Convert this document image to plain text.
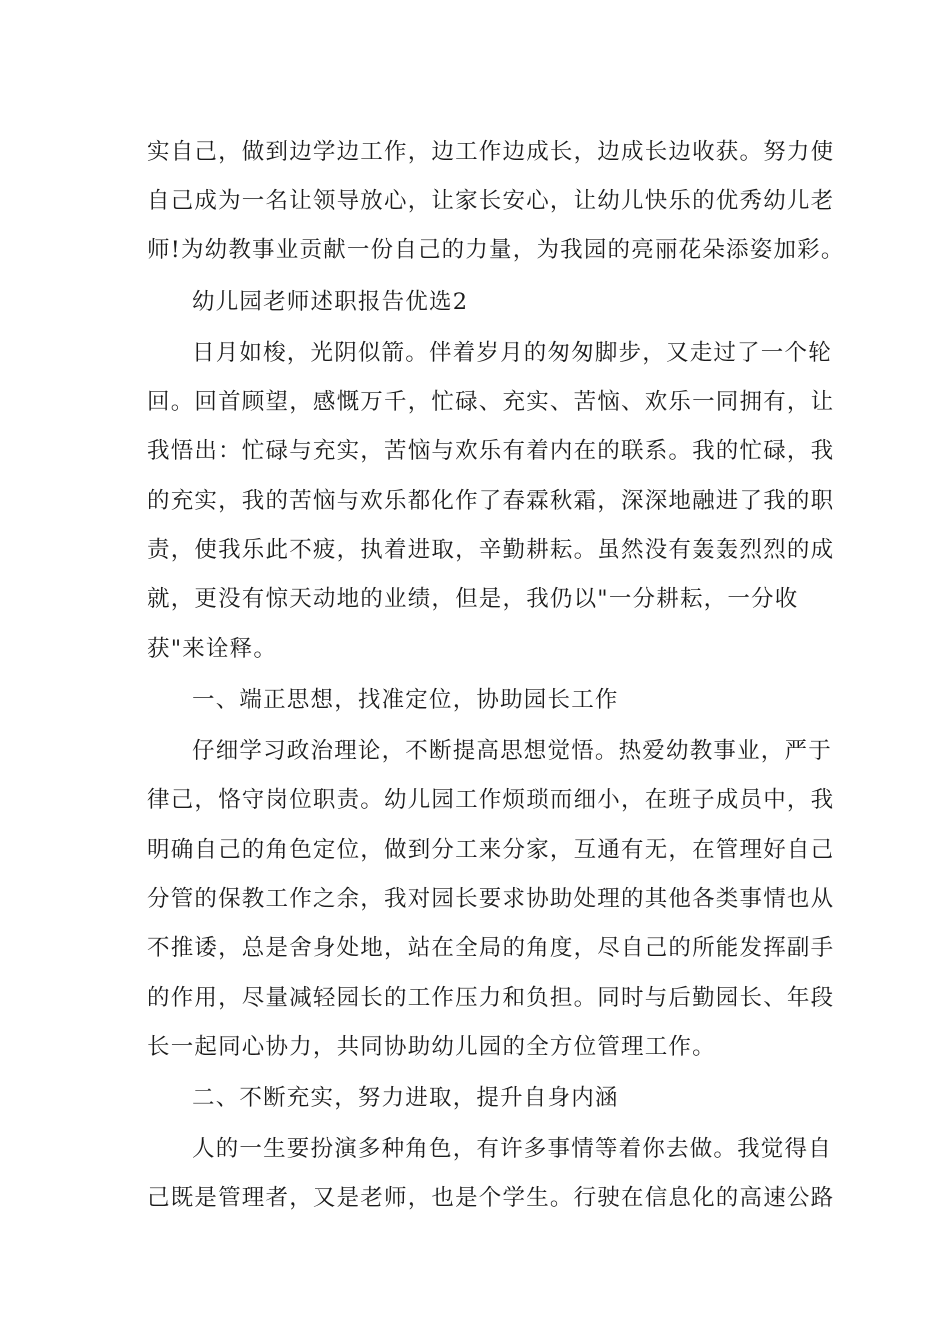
实自己，做到边学边工作，边工作边成长，边成长边收获。努力使
自己成为一名让领导放心，让家长安心，让幼儿快乐的优秀幼儿老
师!为幼教事业贡献一份自己的力量，为我园的亮丽花朵添姿加彩。
幼儿园老师述职报告优选2
日月如梭，光阴似箭。伴着岁月的匆匆脚步，又走过了一个轮
回。回首顾望，感慨万千，忙碌、充实、苦恼、欢乐一同拥有，让
我悟出：忙碌与充实，苦恼与欢乐有着内在的联系。我的忙碌，我
的充实，我的苦恼与欢乐都化作了春霖秋霜，深深地融进了我的职
责，使我乐此不疲，执着进取，辛勤耕耘。虽然没有轰轰烈烈的成
就，更没有惊天动地的业绩，但是，我仍以"一分耕耘，一分收
获"来诠释。
一、端正思想，找准定位，协助园长工作
仔细学习政治理论，不断提高思想觉悟。热爱幼教事业，严于
律己，恪守岗位职责。幼儿园工作烦琐而细小，在班子成员中，我
明确自己的角色定位，做到分工来分家，互通有无，在管理好自己
分管的保教工作之余，我对园长要求协助处理的其他各类事情也从
不推诿，总是舍身处地，站在全局的角度，尽自己的所能发挥副手
的作用，尽量减轻园长的工作压力和负担。同时与后勤园长、年段
长一起同心协力，共同协助幼儿园的全方位管理工作。
二、不断充实，努力进取，提升自身内涵
人的一生要扮演多种角色，有许多事情等着你去做。我觉得自
己既是管理者，又是老师，也是个学生。行驶在信息化的高速公路
